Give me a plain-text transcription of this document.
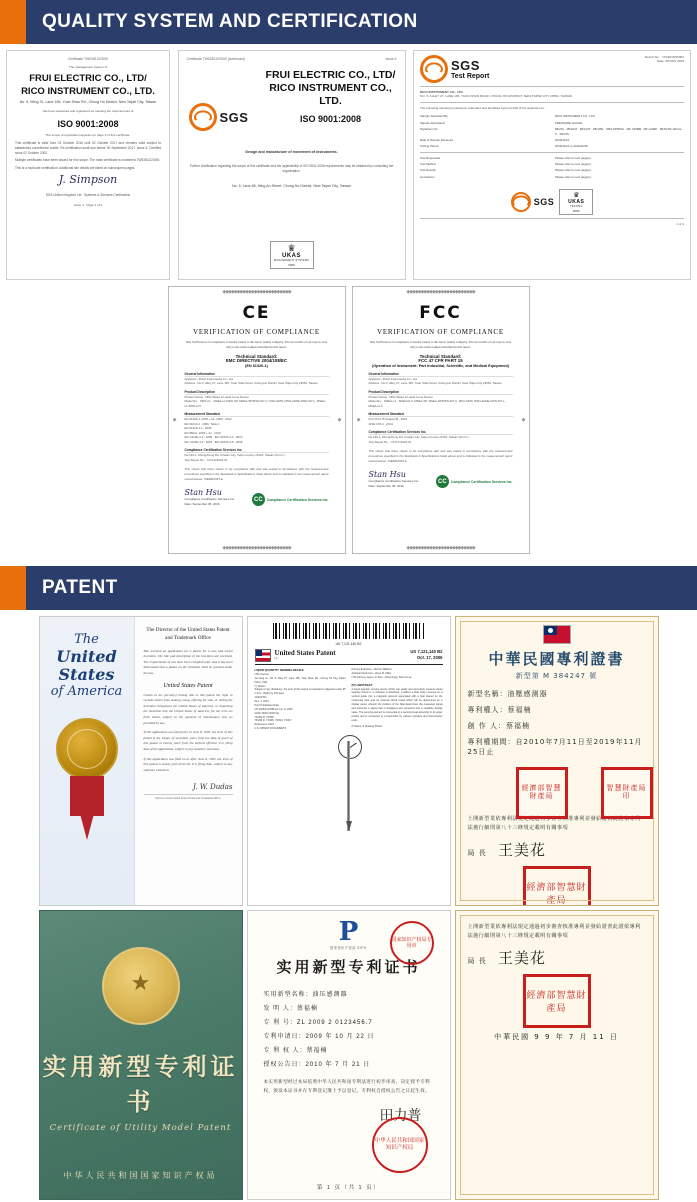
QUALITY SYSTEM AND CERTIFICATION
Certificate TW02812/23/00
The management system of
FRUI ELECTRIC CO., LTD/
RICO INSTRUMENT CO., LTD.
No. 5, Wing 31, Lane 165, Yuan Shan Rd., Chung Ho District, New Taipei City, Taiwan
has been assessed and registered as meeting the requirements of
ISO 9001:2008
The scope of registration appears on page 2 of this certificate.
This certificate is valid from 02 October 2016 until 02 October 2017 and remains valid subject to satisfactory surveillance audits. Re-certification audit due before 30 September 2017. Issue 4. Certified since 02 October 2002.
Multiple certificates have been issued for this scope. The main certificate is numbered TW02812/23/00.
This is a multi-site certification. Additional site details are listed on subsequent pages.
J. Simpson
SGS United Kingdom Ltd · Systems & Services Certification
Issue 4 · Page 1 of 2
Certificate TW02812/23/00 (continued)	Issue 4
SGS
FRUI ELECTRIC CO., LTD/
RICO INSTRUMENT CO., LTD.
ISO 9001:2008
Design and manufacture of movement of instruments.
Further clarification regarding the scope of this certificate and the applicability of ISO 9001:2008 requirements may be obtained by consulting the organization.
No. 5, Lane 65, Ming An Street, Chung Ho District, New Taipei City, Taiwan
♛
UKAS
MANAGEMENT SYSTEMS
0005
SGS
Test Report
Report No. : CH/2016/90003
Date: 30 NOV 2016
RICO INSTRUMENT CO., LTD.
NO. 5, ALLEY 27, LANE 165, YUAN SHAN ROAD, CHUNG HO DISTRICT, NEW TAIPEI CITY 23552, TAIWAN
The following sample(s) was/were submitted and identified by/on behalf of the applicant as :
Sample Submitted By	RICO INSTRUMENT CO., LTD.
Sample Description	PRESSURE GAUGE
Style/Item No.	MF201 · MF204T · MF102T · MF105L · MF0-SPRING · MF-CRIMB · MF-CHMP · MF51/NF-WCGL-C · MF47S
Date of Sample Received	2016/11/10
Testing Period	2016/11/10 to 2016/11/28
Test Requested	Please refer to next page(s).
Test Method	Please refer to next page(s).
Test Results	Please refer to next page(s).
Conclusion	Please refer to next page(s).
SGS
♛
UKAS
TESTING
0005
1 of 4
◆◆◆◆◆◆◆◆◆◆◆◆◆◆◆◆◆◆◆◆◆◆◆◆
◆	◆
◆◆◆◆◆◆◆◆◆◆◆◆◆◆◆◆◆◆◆◆◆◆◆◆
CE
VERIFICATION OF COMPLIANCE
This Verification of Compliance is hereby issued to the below named company. The test results of our report cover only to the tested sample identified in this report.
Technical Standard:
EMC DIRECTIVE 2004/108/EC
(EN 61326-1)
General Information
Applicant : RICO Instruments Co., Ltd
Address : No.5, Alley 27, Lane 165, Yuan Shan Road, Chung Ho District, New Taipei City 23552, Taiwan
Product Description
Product Name : NDO Meter & Liquid Level Sensor
Model No. : MFD-CL · MSEA-LL/NDO-SP, MSEA-SP/MSN-W7-C, MSA-SPW, MSN-ADNE-MSN-W7-L, MSEA-LL-MSN-LL5
Measurement Standard
EN 61326-1: 2006 + A1: 2009 : 2013
EN 61010-1 : 2006, Table 1
EN 61326-2-1 : 2006
EN 55011: 2009 + A1 : 2010
IEC 61000-4-2 : 2008 · IEC 61000-4-3 : 2010
IEC 61000-4-4 : 2004 · IEC 61000-4-5 : 2005
Compliance Certification Services Inc.
No.169-1, Zhongzheng Rd, Xindian City, Taipei County 23151, Taiwan (R.O.C.)
Test Report No. : CCS-E/1601-01
This shows that there shown to be compliance with and was tested in accordance with the measurement procedures specified in the Standards & Specifications listed above and is indicated in the measurement report named above: T2EMEX015-E
Stan Hsu
Compliance Certification Services Inc.
Date: September 05, 2016
CC	Compliance Certification Services Inc.
◆◆◆◆◆◆◆◆◆◆◆◆◆◆◆◆◆◆◆◆◆◆◆◆
◆	◆
◆◆◆◆◆◆◆◆◆◆◆◆◆◆◆◆◆◆◆◆◆◆◆◆
FCC
VERIFICATION OF COMPLIANCE
This Verification of Compliance is hereby issued to the below named company. The test results of our report cover only to the tested sample identified in this report.
Technical Standard:
FCC 47 CFR PART 15
(Operation of Instrument: Part Industrial, Scientific, and Medical Equipment)
General Information
Applicant : RICO Instruments Co., Ltd
Address : No.5, Alley 27, Lane 165, Yuan Shan Road, Chung Ho District, New Taipei City 23552, Taiwan
Product Description
Product Name : NDO Meter & Liquid Level Sensor
Model No. : MSEA-LL · MSEA/LL5, MSEA-SP, MSEA-SP/MSN-W7-C, MSA-SPW, MSN-ADNE-MSN-W7-L, MSEA-LL5
Measurement Standard
FCC Part 15 Subpart B : 2016
ANSI C63.4 : 2014
Compliance Certification Services Inc.
No.169-1, Zhongzheng Rd, Xindian City, Taipei County 23151, Taiwan (R.O.C.)
Test Report No. : CCS-F/1601-01
This shows that there shown to be compliance with and was tested in accordance with the measurement procedures specified in the Standards & Specifications listed above and is indicated in the measurement report named above: T2EMEX015-F
Stan Hsu
Compliance Certification Services Inc.
Date: September 05, 2016
CC	Compliance Certification Services Inc.
PATENT
The
United
States
of America
The Director of the United States Patent and Trademark Office
Has received an application for a patent for a new and useful invention. The title and description of the invention are enclosed. The requirements of law have been complied with, and it has been determined that a patent on the invention shall be granted under the law.
United States Patent
Grants to the person(s) having title to this patent the right to exclude others from making, using, offering for sale, or selling the invention throughout the United States of America, or importing the invention into the United States of America, for the term set forth below, subject to the payment of maintenance fees as provided by law.
If this application was filed prior to June 8, 1995, the term of this patent is the longer of seventeen years from the date of grant of this patent or twenty years from the earliest effective U.S. filing date of the application, subject to any statutory extension.
If this application was filed on or after June 8, 1995, the term of this patent is twenty years from the U.S. filing date, subject to any statutory extension.
J. W. Dudas
Director of the United States Patent and Trademark Office
US 7,121,140 B2
United States Patent
Lu
US 7,121,140 B2
Oct. 17, 2006
LIQUID QUANTITY SENSING DEVICE
(75) Inventor:
Jui-Yang Lu, No. 5, Alley 27, Lane 165, Yuan Shan Rd., Chung Ho City, Taipei Hsien (TW)
(*) Notice:
Subject to any disclaimer, the term of this patent is extended or adjusted under 35 U.S.C. 154(b) by 270 days.
11/002,511
Dec. 3, 2004
Prior Publication Data
US 2006/0117856 A1 Jun. 8, 2006
G01F 23/00 (2006.01)
73/290 R; 73/305
73/290 R, 73/305, 73/313, 73/317
References Cited
U.S. PATENT DOCUMENTS
Primary Examiner—Hezron Williams
Assistant Examiner—Rose M. Miller
(74) Attorney, Agent, or Firm—Rosenberg, Klein & Lee
(57) ABSTRACT
A liquid quantity sensing device which can easily and accurately measure liquid quantity stored in a container is disclosed. It utilizes a float body mounted on a vertical guide rod, a magnetic element associated with a float placed on the measuring tube and an external circuit board which will be determined on a display panel, wherein the position of the float determines the measured signal and transmits a signal that is displayed and converted into a readable display value. The sensing element is connected to a sensing head assembly in its upper portion and is connected to a transmitter by various cylinders and transmission ends.
8 Claims, 6 Drawing Sheets
中華民國專利證書
新型第 M 384247 號
新型名稱：油壓感測器
專利權人：蔡福楠
創 作 人：蔡福楠
專利權期間：自2010年7月11日至2019年11月25日止
經濟部智慧財產局
智慧財產局印
上開新型業依專利法規定通過初步審查核准專利並發給證書此證依專利法施行細則第八十三條規定載明有關事項
局 長 王美花
經濟部智慧財產局
★
实用新型专利证书
Certificate of Utility Model Patent
中华人民共和国国家知识产权局
P
国家知识产权局 SIPO
国家知识产权局专用章
实用新型专利证书
实用新型名称：油压感测器
发 明 人：蔡福楠
专 利 号：ZL 2009 2 0123456.7
专利申请日：2009 年 10 月 22 日
专 利 权 人：蔡福楠
授权公告日：2010 年 7 月 21 日
本实用新型经过本局依照中华人民共和国专利法进行初步审查，决定授予专利权，颁发本证书并在专利登记簿上予以登记。专利权自授权公告之日起生效。
田力普
中华人民共和国国家知识产权局
第 1 页（共 1 页）
上開新型業依專利法規定通過初步審查核准專利並發給證書此證依專利法施行細則第八十三條規定載明有關事項
局 長 王美花
經濟部智慧財產局
中華民國 9 9 年 7 月 11 日
